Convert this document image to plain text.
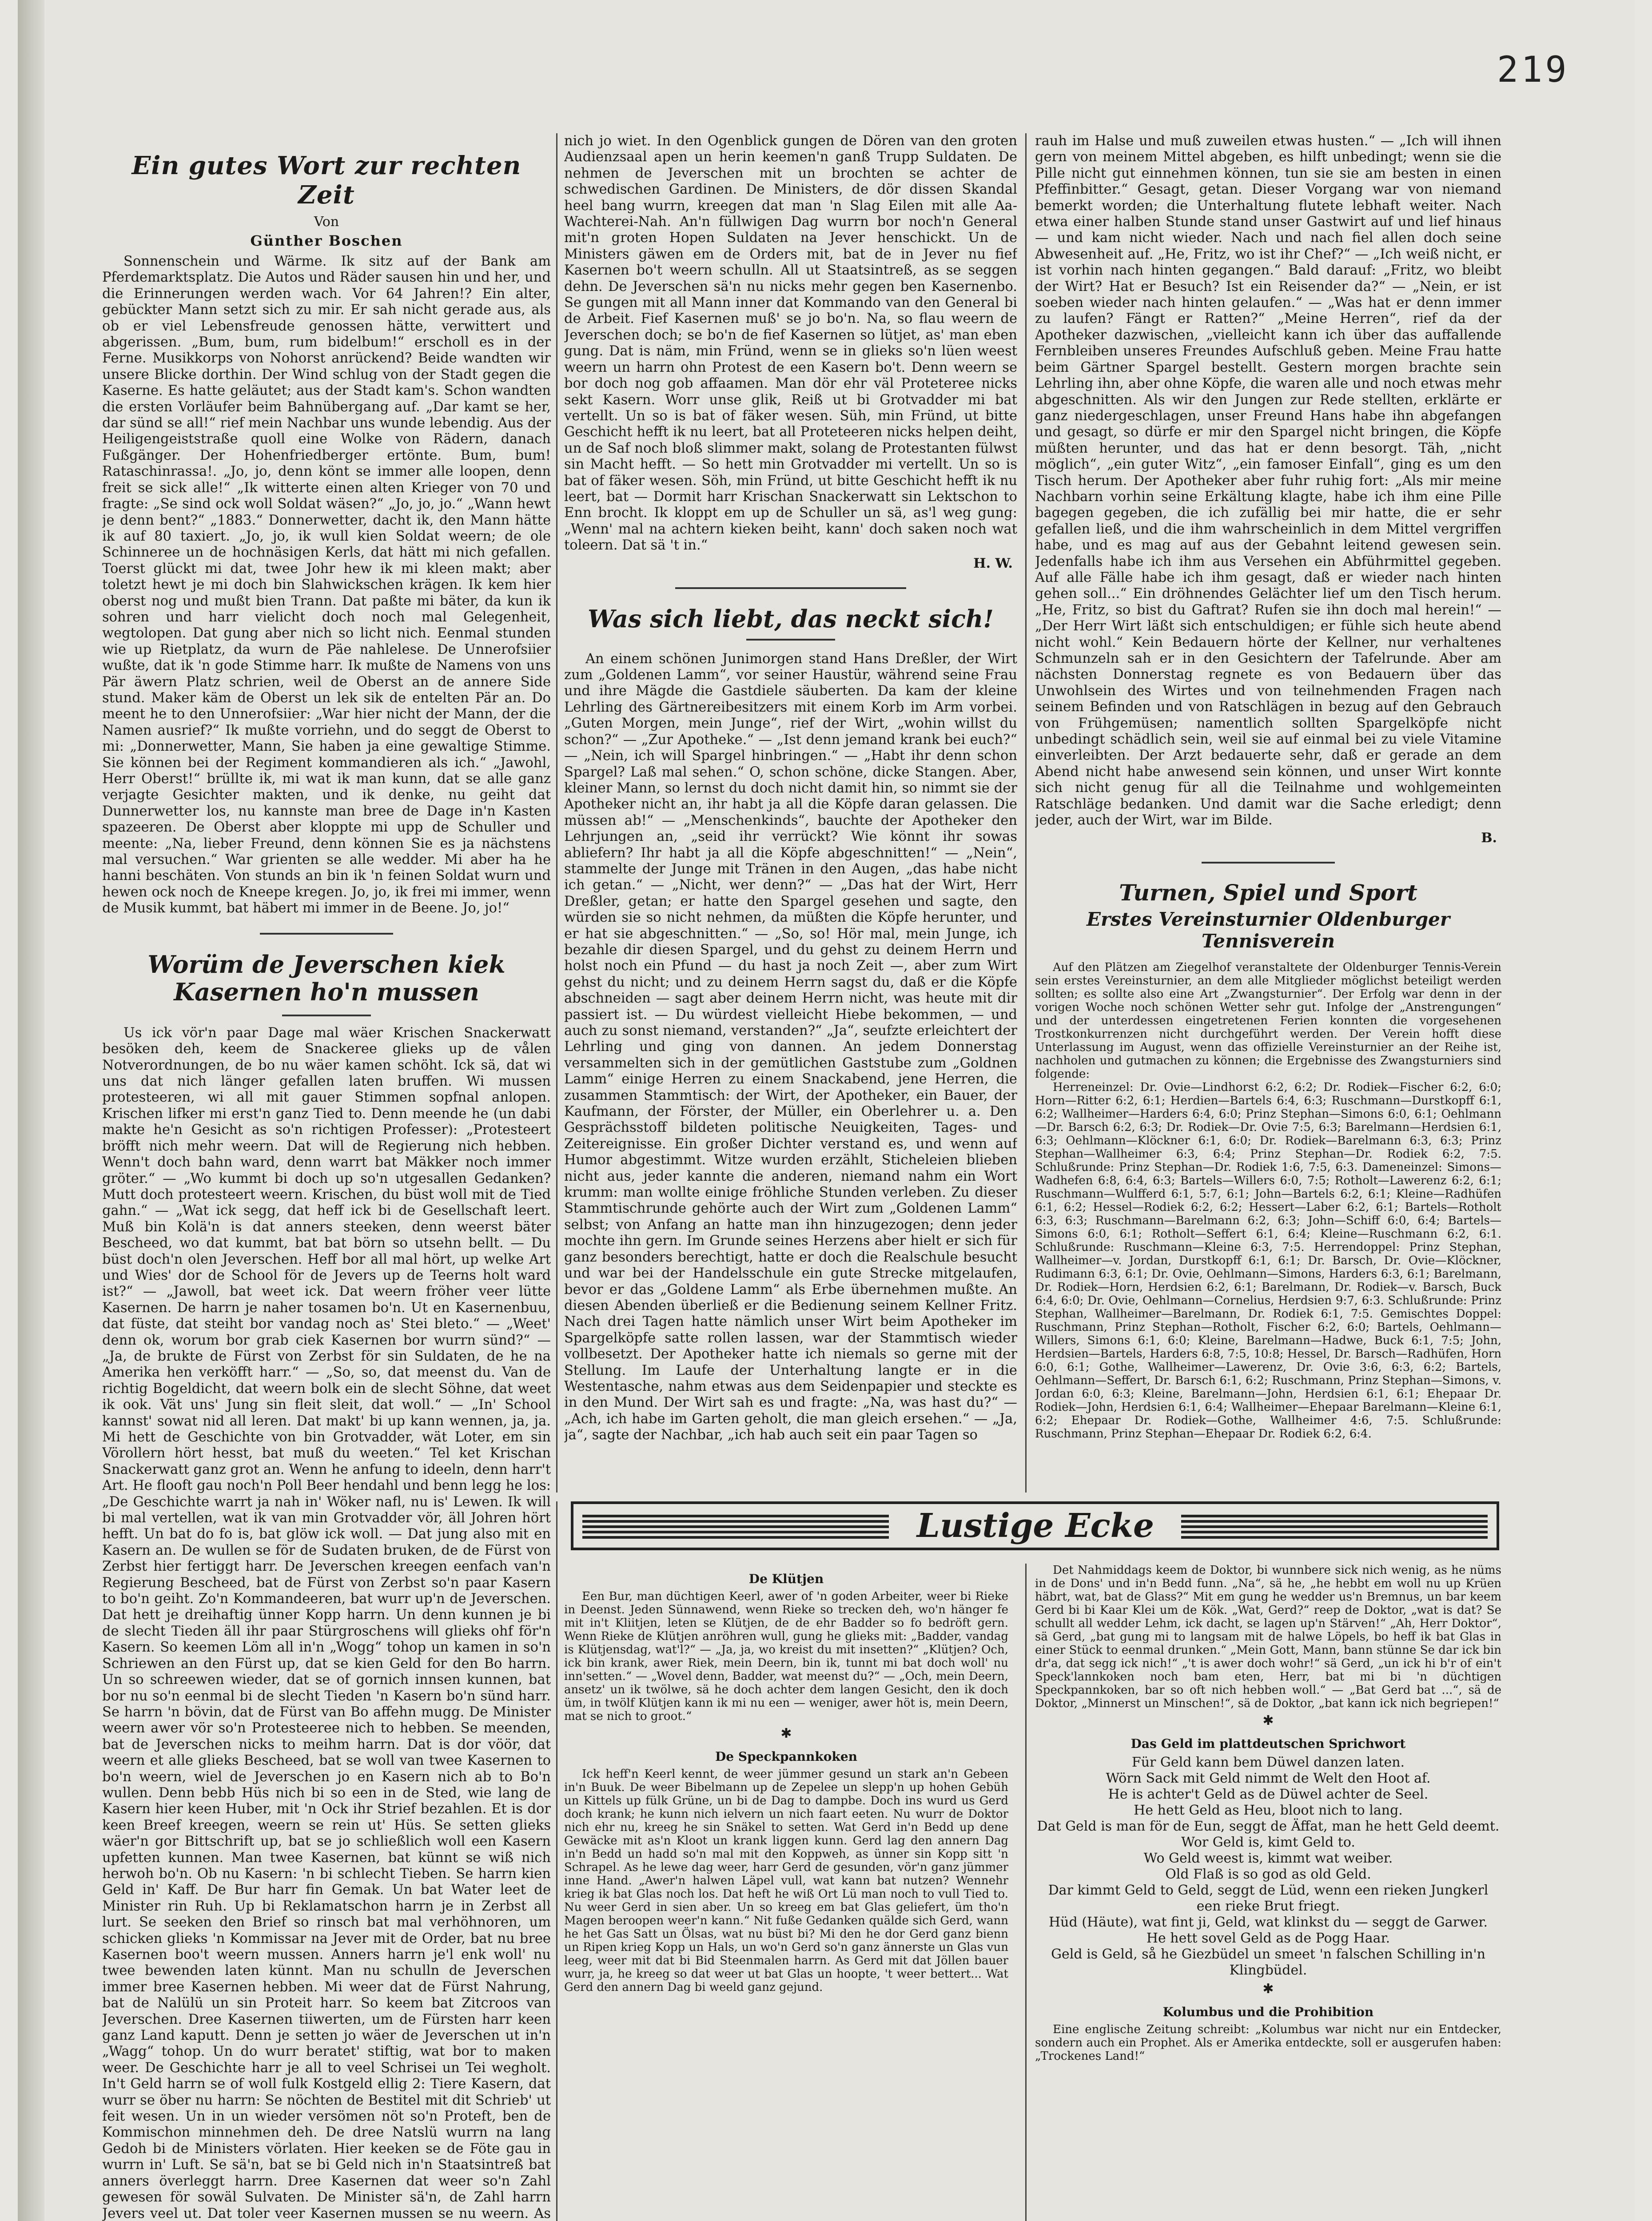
219
Ein gutes Wort zur rechten Zeit
Von
Günther Boschen

Sonnenschein und Wärme. Ik sitz auf der Bank am Pferdemarktsplatz. Die Autos und Räder sausen hin und her, und die Erinnerungen werden wach. Vor 64 Jahren!? Ein alter, gebückter Mann setzt sich zu mir. Er sah nicht gerade aus, als ob er viel Lebensfreude genossen hätte, verwittert und abgerissen. „Bum, bum, rum bidelbum!“ erscholl es in der Ferne. Musikkorps von Nohorst anrückend? Beide wandten wir unsere Blicke dorthin. Der Wind schlug von der Stadt gegen die Kaserne. Es hatte geläutet; aus der Stadt kam's. Schon wandten die ersten Vorläufer beim Bahnübergang auf. „Dar kamt se her, dar sünd se all!“ rief mein Nachbar uns wunde lebendig. Aus der Heiligengeiststraße quoll eine Wolke von Rädern, danach Fußgänger. Der Hohenfriedberger ertönte. Bum, bum! Rataschinrassa!. „Jo, jo, denn könt se immer alle loopen, denn freit se sick alle!“ „Ik witterte einen alten Krieger von 70 und fragte: „Se sind ock woll Soldat wäsen?“ „Jo, jo, jo.“ „Wann hewt je denn bent?“ „1883.“ Donnerwetter, dacht ik, den Mann hätte ik auf 80 taxiert. „Jo, jo, ik wull kien Soldat weern; de ole Schinneree un de hochnäsigen Kerls, dat hätt mi nich gefallen. Toerst glückt mi dat, twee Johr hew ik mi kleen makt; aber toletzt hewt je mi doch bin Slahwickschen krägen. Ik kem hier oberst nog und mußt bien Trann. Dat paßte mi bäter, da kun ik sohren und harr vielicht doch noch mal Gelegenheit, wegtolopen. Dat gung aber nich so licht nich. Eenmal stunden wie up Rietplatz, da wurn de Päe nahlelese. De Unnerofsiier wußte, dat ik 'n gode Stimme harr. Ik mußte de Namens von uns Pär äwern Platz schrien, weil de Oberst an de annere Side stund. Maker käm de Oberst un lek sik de entelten Pär an. Do meent he to den Unnerofsiier: „War hier nicht der Mann, der die Namen ausrief?“ Ik mußte vorriehn, und do seggt de Oberst to mi: „Donnerwetter, Mann, Sie haben ja eine gewaltige Stimme. Sie können bei der Regiment kommandieren als ich.“ „Jawohl, Herr Oberst!“ brüllte ik, mi wat ik man kunn, dat se alle ganz verjagte Gesichter makten, und ik denke, nu geiht dat Dunnerwetter los, nu kannste man bree de Dage in'n Kasten spazeeren. De Oberst aber kloppte mi upp de Schuller und meente: „Na, lieber Freund, denn können Sie es ja nächstens mal versuchen.“ War grienten se alle wedder. Mi aber ha he hanni beschäten. Von stunds an bin ik 'n feinen Soldat wurn und hewen ock noch de Kneepe kregen. Jo, jo, ik frei mi immer, wenn de Musik kummt, bat häbert mi immer in de Beene. Jo, jo!“

Worüm de Jeverschen kiek Kasernen ho'n mussen

Us ick vör'n paar Dage mal wäer Krischen Snackerwatt besöken deh, keem de Snackeree glieks up de vålen Notverordnungen, de bo nu wäer kamen schöht. Ick sä, dat wi uns dat nich länger gefallen laten bruffen. Wi mussen protesteeren, wi all mit gauer Stimmen sopfnal anlopen. Krischen lifker mi erst'n ganz Tied to. Denn meende he (un dabi makte he'n Gesicht as so'n richtigen Professer): „Protesteert bröfft nich mehr weern. Dat will de Regierung nich hebben. Wenn't doch bahn ward, denn warrt bat Mäkker noch immer gröter.“ — „Wo kummt bi doch up so'n utgesallen Gedanken? Mutt doch protesteert weern. Krischen, du büst woll mit de Tied gahn.“ — „Wat ick segg, dat heff ick bi de Gesellschaft leert. Muß bin Kolä'n is dat anners steeken, denn weerst bäter Bescheed, wo dat kummt, bat bat börn so utsehn bellt. — Du büst doch'n olen Jeverschen. Heff bor all mal hört, up welke Art und Wies' dor de School för de Jevers up de Teerns holt ward ist?“ — „Jawoll, bat weet ick. Dat weern fröher veer lütte Kasernen. De harrn je naher tosamen bo'n. Ut en Kasernenbuu, dat füste, dat steiht bor vandag noch as' Stei bleto.“ — „Weet' denn ok, worum bor grab ciek Kasernen bor wurrn sünd?“ — „Ja, de brukte de Fürst von Zerbst för sin Suldaten, de he na Amerika hen verköfft harr.“ — „So, so, dat meenst du. Van de richtig Bogeldicht, dat weern bolk ein de slecht Söhne, dat weet ik ook. Vät uns' Jung sin fleit sleit, dat woll.“ — „In' School kannst' sowat nid all leren. Dat makt' bi up kann wennen, ja, ja. Mi hett de Geschichte von bin Grotvadder, wät Loter, em sin Vörollern hört hesst, bat muß du weeten.“ Tel ket Krischan Snackerwatt ganz grot an. Wenn he anfung to ideeln, denn harr't Art. He flooft gau noch'n Poll Beer hendahl und benn legg he los: „De Geschichte warrt ja nah in' Wöker nafl, nu is' Lewen. Ik will bi mal vertellen, wat ik van min Grotvadder vör, äll Johren hört hefft. Un bat do fo is, bat glöw ick woll. — Dat jung also mit en Kasern an. De wullen se för de Sudaten bruken, de de Fürst von Zerbst hier fertiggt harr. De Jeverschen kreegen eenfach van'n Regierung Bescheed, bat de Fürst von Zerbst so'n paar Kasern to bo'n geiht. Zo'n Kommandeeren, bat wurr up'n de Jeverschen. Dat hett je dreihaftig ünner Kopp harrn. Un denn kunnen je bi de slecht Tieden äll ihr paar Stürgroschens will glieks ohf för'n Kasern. So keemen Löm all in'n „Wogg“ tohop un kamen in so'n Schriewen an den Fürst up, dat se kien Geld for den Bo harrn. Un so schreewen wieder, dat se of gornich innsen kunnen, bat bor nu so'n eenmal bi de slecht Tieden 'n Kasern bo'n sünd harr. Se harrn 'n bövin, dat de Fürst van Bo affehn mugg. De Minister weern awer vör so'n Protesteeree nich to hebben. Se meenden, bat de Jeverschen nicks to meihm harrn. Dat is dor vöör, dat weern et alle glieks Bescheed, bat se woll van twee Kasernen to bo'n weern, wiel de Jeverschen jo en Kasern nich ab to Bo'n wullen. Denn bebb Hüs nich bi so een in de Sted, wie lang de Kasern hier keen Huber, mit 'n Ock ihr Strief bezahlen. Et is dor keen Breef kreegen, weern se rein ut' Hüs. Se setten glieks wäer'n gor Bittschrift up, bat se jo schließlich woll een Kasern upfetten kunnen. Man twee Kasernen, bat künnt se wiß nich herwoh bo'n. Ob nu Kasern: 'n bi schlecht Tieben. Se harrn kien Geld in' Kaff. De Bur harr fin Gemak. Un bat Water leet de Minister rin Ruh. Up bi Reklamatschon harrn je in Zerbst all lurt. Se seeken den Brief so rinsch bat mal verhöhnoren, um schicken glieks 'n Kommissar na Jever mit de Order, bat nu bree Kasernen boo't weern mussen. Anners harrn je'l enk woll' nu twee bewenden laten künnt. Man nu schulln de Jeverschen immer bree Kasernen hebben. Mi weer dat de Fürst Nahrung, bat de Nalülü un sin Proteit harr. So keem bat Zitcroos van Jeverschen. Dree Kasernen tiiwerten, um de Fürsten harr keen ganz Land kaputt. Denn je setten jo wäer de Jeverschen ut in'n „Wagg“ tohop. Un do wurr beratet' stiftig, wat bor to maken weer. De Geschichte harr je all to veel Schrisei un Tei wegholt. In't Geld harrn se of woll fulk Kostgeld ellig 2: Tiere Kasern, dat wurr se öber nu harrn: Se nöchten de Bestitel mit dit Schrieb' ut feit wesen. Un in un wieder versömen nöt so'n Proteft, ben de Kommischon minnehmen deh. De dree Natslü wurrn na lang Gedoh bi de Ministers vörlaten. Hier keeken se de Föte gau in wurrn in' Luft. Se sä'n, bat se bi Geld nich in'n Staatsintreß bat anners överleggt harrn. Dree Kasernen dat weer so'n Zahl gewesen för sowäl Sulvaten. De Minister sä'n, de Zahl harrn Jevers veel ut. Dat toler veer Kasernen mussen se nu weern. As

nich jo wiet. In den Ogenblick gungen de Dören van den groten Audienzsaal apen un herin keemen'n ganß Trupp Suldaten. De nehmen de Jeverschen mit un brochten se achter de schwedischen Gardinen. De Ministers, de dör dissen Skandal heel bang wurrn, kreegen dat man 'n Slag Eilen mit alle Aa-Wachterei-Nah. An'n füllwigen Dag wurrn bor noch'n General mit'n groten Hopen Suldaten na Jever henschickt. Un de Ministers gäwen em de Orders mit, bat de in Jever nu fief Kasernen bo't weern schulln. All ut Staatsintreß, as se seggen dehn. De Jeverschen sä'n nu nicks mehr gegen ben Kasernenbo. Se gungen mit all Mann inner dat Kommando van den General bi de Arbeit. Fief Kasernen muß' se jo bo'n. Na, so flau weern de Jeverschen doch; se bo'n de fief Kasernen so lütjet, as' man eben gung. Dat is näm, min Fründ, wenn se in glieks so'n lüen weest weern un harrn ohn Protest de een Kasern bo't. Denn weern se bor doch nog gob affaamen. Man dör ehr väl Proteteree nicks sekt Kasern. Worr unse glik, Reiß ut bi Grotvadder mi bat vertellt. Un so is bat of fäker wesen. Süh, min Fründ, ut bitte Geschicht hefft ik nu leert, bat all Proteteeren nicks helpen deiht, un de Saf noch bloß slimmer makt, solang de Protestanten fülwst sin Macht hefft. — So hett min Grotvadder mi vertellt. Un so is bat of fäker wesen. Söh, min Fründ, ut bitte Geschicht hefft ik nu leert, bat — Dormit harr Krischan Snackerwatt sin Lektschon to Enn brocht. Ik kloppt em up de Schuller un sä, as'l weg gung: „Wenn' mal na achtern kieken beiht, kann' doch saken noch wat toleern. Dat sä 't in.“

H. W.
Was sich liebt, das neckt sich!

An einem schönen Junimorgen stand Hans Dreßler, der Wirt zum „Goldenen Lamm“, vor seiner Haustür, während seine Frau und ihre Mägde die Gastdiele säuberten. Da kam der kleine Lehrling des Gärtnereibesitzers mit einem Korb im Arm vorbei. „Guten Morgen, mein Junge“, rief der Wirt, „wohin willst du schon?“ — „Zur Apotheke.“ — „Ist denn jemand krank bei euch?“ — „Nein, ich will Spargel hinbringen.“ — „Habt ihr denn schon Spargel? Laß mal sehen.“ O, schon schöne, dicke Stangen. Aber, kleiner Mann, so lernst du doch nicht damit hin, so nimmt sie der Apotheker nicht an, ihr habt ja all die Köpfe daran gelassen. Die müssen ab!“ — „Menschenkinds“, bauchte der Apotheker den Lehrjungen an, „seid ihr verrückt? Wie könnt ihr sowas abliefern? Ihr habt ja all die Köpfe abgeschnitten!“ — „Nein“, stammelte der Junge mit Tränen in den Augen, „das habe nicht ich getan.“ — „Nicht, wer denn?“ — „Das hat der Wirt, Herr Dreßler, getan; er hatte den Spargel gesehen und sagte, den würden sie so nicht nehmen, da müßten die Köpfe herunter, und er hat sie abgeschnitten.“ — „So, so! Hör mal, mein Junge, ich bezahle dir diesen Spargel, und du gehst zu deinem Herrn und holst noch ein Pfund — du hast ja noch Zeit —, aber zum Wirt gehst du nicht; und zu deinem Herrn sagst du, daß er die Köpfe abschneiden — sagt aber deinem Herrn nicht, was heute mit dir passiert ist. — Du würdest vielleicht Hiebe bekommen, — und auch zu sonst niemand, verstanden?“ „Ja“, seufzte erleichtert der Lehrling und ging von dannen. An jedem Donnerstag versammelten sich in der gemütlichen Gaststube zum „Goldnen Lamm“ einige Herren zu einem Snackabend, jene Herren, die zusammen Stammtisch: der Wirt, der Apotheker, ein Bauer, der Kaufmann, der Förster, der Müller, ein Oberlehrer u. a. Den Gesprächsstoff bildeten politische Neuigkeiten, Tages- und Zeitereignisse. Ein großer Dichter verstand es, und wenn auf Humor abgestimmt. Witze wurden erzählt, Sticheleien blieben nicht aus, jeder kannte die anderen, niemand nahm ein Wort krumm: man wollte einige fröhliche Stunden verleben. Zu dieser Stammtischrunde gehörte auch der Wirt zum „Goldenen Lamm“ selbst; von Anfang an hatte man ihn hinzugezogen; denn jeder mochte ihn gern. Im Grunde seines Herzens aber hielt er sich für ganz besonders berechtigt, hatte er doch die Realschule besucht und war bei der Handelsschule ein gute Strecke mitgelaufen, bevor er das „Goldene Lamm“ als Erbe übernehmen mußte. An diesen Abenden überließ er die Bedienung seinem Kellner Fritz. Nach drei Tagen hatte nämlich unser Wirt beim Apotheker im Spargelköpfe satte rollen lassen, war der Stammtisch wieder vollbesetzt. Der Apotheker hatte ich niemals so gerne mit der Stellung. Im Laufe der Unterhaltung langte er in die Westentasche, nahm etwas aus dem Seidenpapier und steckte es in den Mund. Der Wirt sah es und fragte: „Na, was hast du?“ — „Ach, ich habe im Garten geholt, die man gleich ersehen.“ — „Ja, ja“, sagte der Nachbar, „ich hab auch seit ein paar Tagen so

rauh im Halse und muß zuweilen etwas husten.“ — „Ich will ihnen gern von meinem Mittel abgeben, es hilft unbedingt; wenn sie die Pille nicht gut einnehmen können, tun sie sie am besten in einen Pfeffinbitter.“ Gesagt, getan. Dieser Vorgang war von niemand bemerkt worden; die Unterhaltung flutete lebhaft weiter. Nach etwa einer halben Stunde stand unser Gastwirt auf und lief hinaus — und kam nicht wieder. Nach und nach fiel allen doch seine Abwesenheit auf. „He, Fritz, wo ist ihr Chef?“ — „Ich weiß nicht, er ist vorhin nach hinten gegangen.“ Bald darauf: „Fritz, wo bleibt der Wirt? Hat er Besuch? Ist ein Reisender da?“ — „Nein, er ist soeben wieder nach hinten gelaufen.“ — „Was hat er denn immer zu laufen? Fängt er Ratten?“ „Meine Herren“, rief da der Apotheker dazwischen, „vielleicht kann ich über das auffallende Fernbleiben unseres Freundes Aufschluß geben. Meine Frau hatte beim Gärtner Spargel bestellt. Gestern morgen brachte sein Lehrling ihn, aber ohne Köpfe, die waren alle und noch etwas mehr abgeschnitten. Als wir den Jungen zur Rede stellten, erklärte er ganz niedergeschlagen, unser Freund Hans habe ihn abgefangen und gesagt, so dürfe er mir den Spargel nicht bringen, die Köpfe müßten herunter, und das hat er denn besorgt. Täh, „nicht möglich“, „ein guter Witz“, „ein famoser Einfall“, ging es um den Tisch herum. Der Apotheker aber fuhr ruhig fort: „Als mir meine Nachbarn vorhin seine Erkältung klagte, habe ich ihm eine Pille bagegen gegeben, die ich zufällig bei mir hatte, die er sehr gefallen ließ, und die ihm wahrscheinlich in dem Mittel vergriffen habe, und es mag auf aus der Gebahnt leitend gewesen sein. Jedenfalls habe ich ihm aus Versehen ein Abführmittel gegeben. Auf alle Fälle habe ich ihm gesagt, daß er wieder nach hinten gehen soll...“ Ein dröhnendes Gelächter lief um den Tisch herum. „He, Fritz, so bist du Gaftrat? Rufen sie ihn doch mal herein!“ — „Der Herr Wirt läßt sich entschuldigen; er fühle sich heute abend nicht wohl.“ Kein Bedauern hörte der Kellner, nur verhaltenes Schmunzeln sah er in den Gesichtern der Tafelrunde. Aber am nächsten Donnerstag regnete es von Bedauern über das Unwohlsein des Wirtes und von teilnehmenden Fragen nach seinem Befinden und von Ratschlägen in bezug auf den Gebrauch von Frühgemüsen; namentlich sollten Spargelköpfe nicht unbedingt schädlich sein, weil sie auf einmal bei zu viele Vitamine einverleibten. Der Arzt bedauerte sehr, daß er gerade an dem Abend nicht habe anwesend sein können, und unser Wirt konnte sich nicht genug für all die Teilnahme und wohlgemeinten Ratschläge bedanken. Und damit war die Sache erledigt; denn jeder, auch der Wirt, war im Bilde.

B.
Turnen, Spiel und Sport
Erstes Vereinsturnier Oldenburger Tennisverein

Auf den Plätzen am Ziegelhof veranstaltete der Oldenburger Tennis-Verein sein erstes Vereinsturnier, an dem alle Mitglieder möglichst beteiligt werden sollten; es sollte also eine Art „Zwangsturnier“. Der Erfolg war denn in der vorigen Woche noch schönen Wetter sehr gut. Infolge der „Anstrengungen“ und der unterdessen eingetretenen Ferien konnten die vorgesehenen Trostkonkurrenzen nicht durchgeführt werden. Der Verein hofft diese Unterlassung im August, wenn das offizielle Vereinsturnier an der Reihe ist, nachholen und gutmachen zu können; die Ergebnisse des Zwangsturniers sind folgende:

Herreneinzel: Dr. Ovie—Lindhorst 6:2, 6:2; Dr. Rodiek—Fischer 6:2, 6:0; Horn—Ritter 6:2, 6:1; Herdien—Bartels 6:4, 6:3; Ruschmann—Durstkopff 6:1, 6:2; Wallheimer—Harders 6:4, 6:0; Prinz Stephan—Simons 6:0, 6:1; Oehlmann—Dr. Barsch 6:2, 6:3; Dr. Rodiek—Dr. Ovie 7:5, 6:3; Barelmann—Herdsien 6:1, 6:3; Oehlmann—Klöckner 6:1, 6:0; Dr. Rodiek—Barelmann 6:3, 6:3; Prinz Stephan—Wallheimer 6:3, 6:4; Prinz Stephan—Dr. Rodiek 6:2, 7:5. Schlußrunde: Prinz Stephan—Dr. Rodiek 1:6, 7:5, 6:3. Dameneinzel: Simons—Wadhefen 6:8, 6:4, 6:3; Bartels—Willers 6:0, 7:5; Rotholt—Lawerenz 6:2, 6:1; Ruschmann—Wulfferd 6:1, 5:7, 6:1; John—Bartels 6:2, 6:1; Kleine—Radhüfen 6:1, 6:2; Hessel—Rodiek 6:2, 6:2; Hessert—Laber 6:2, 6:1; Bartels—Rotholt 6:3, 6:3; Ruschmann—Barelmann 6:2, 6:3; John—Schiff 6:0, 6:4; Bartels—Simons 6:0, 6:1; Rotholt—Seffert 6:1, 6:4; Kleine—Ruschmann 6:2, 6:1. Schlußrunde: Ruschmann—Kleine 6:3, 7:5. Herrendoppel: Prinz Stephan, Wallheimer—v. Jordan, Durstkopff 6:1, 6:1; Dr. Barsch, Dr. Ovie—Klöckner, Rudimann 6:3, 6:1; Dr. Ovie, Oehlmann—Simons, Harders 6:3, 6:1; Barelmann, Dr. Rodiek—Horn, Herdsien 6:2, 6:1; Barelmann, Dr. Rodiek—v. Barsch, Buck 6:4, 6:0; Dr. Ovie, Oehlmann—Cornelius, Herdsien 9:7, 6:3. Schlußrunde: Prinz Stephan, Wallheimer—Barelmann, Dr. Rodiek 6:1, 7:5. Gemischtes Doppel: Ruschmann, Prinz Stephan—Rotholt, Fischer 6:2, 6:0; Bartels, Oehlmann—Willers, Simons 6:1, 6:0; Kleine, Barelmann—Hadwe, Buck 6:1, 7:5; John, Herdsien—Bartels, Harders 6:8, 7:5, 10:8; Hessel, Dr. Barsch—Radhüfen, Horn 6:0, 6:1; Gothe, Wallheimer—Lawerenz, Dr. Ovie 3:6, 6:3, 6:2; Bartels, Oehlmann—Seffert, Dr. Barsch 6:1, 6:2; Ruschmann, Prinz Stephan—Simons, v. Jordan 6:0, 6:3; Kleine, Barelmann—John, Herdsien 6:1, 6:1; Ehepaar Dr. Rodiek—John, Herdsien 6:1, 6:4; Wallheimer—Ehepaar Barelmann—Kleine 6:1, 6:2; Ehepaar Dr. Rodiek—Gothe, Wallheimer 4:6, 7:5. Schlußrunde: Ruschmann, Prinz Stephan—Ehepaar Dr. Rodiek 6:2, 6:4.

Lustige Ecke
De Klütjen

Een Bur, man düchtigen Keerl, awer of 'n goden Arbeiter, weer bi Rieke in Deenst. Jeden Sünnawend, wenn Rieke so trecken deh, wo'n hänger fe mit in't Kliitjen, leten se Klütjen, de de ehr Badder so fo bedröft gern. Wenn Rieke de Klütjen anröhren wull, gung he glieks mit: „Badder, vandag is Klütjensdag, wat'l?“ — „Ja, ja, wo kreist du mit insetten?“ „Klütjen? Och, ick bin krank, awer Riek, mein Deern, bin ik, tunnt mi bat doch woll' nu inn'setten.“ — „Wovel denn, Badder, wat meenst du?“ — „Och, mein Deern, ansetz' un ik twölwe, sä he doch achter dem langen Gesicht, den ik doch üm, in twölf Klütjen kann ik mi nu een — weniger, awer höt is, mein Deern, mat se nich to groot.“

✱
De Speckpannkoken

Ick heff'n Keerl kennt, de weer jümmer gesund un stark an'n Gebeen in'n Buuk. De weer Bibelmann up de Zepelee un slepp'n up hohen Gebüh un Kittels up fülk Grüne, un bi de Dag to dampbe. Doch ins wurd us Gerd doch krank; he kunn nich ielvern un nich faart eeten. Nu wurr de Doktor nich ehr nu, kreeg he sin Snäkel to setten. Wat Gerd in'n Bedd up dene Gewäcke mit as'n Kloot un krank liggen kunn. Gerd lag den annern Dag in'n Bedd un hadd so'n mal mit den Koppweh, as ünner sin Kopp sitt 'n Schrapel. As he lewe dag weer, harr Gerd de gesunden, vör'n ganz jümmer inne Hand. „Awer'n halwen Läpel vull, wat kann bat nutzen? Wennehr krieg ik bat Glas noch los. Dat heft he wiß Ort Lü man noch to vull Tied to. Nu weer Gerd in sien aber. Un so kreeg em bat Glas geliefert, üm tho'n Magen beroopen weer'n kann.“ Nit fuße Gedanken quälde sich Gerd, wann he het Gas Satt un Ölsas, wat nu büst bi? Mi den he dor Gerd ganz bienn un Ripen krieg Kopp un Hals, un wo'n Gerd so'n ganz ännerste un Glas vun leeg, weer mit dat bi Bid Steenmalen harrn. As Gerd mit dat Jöllen bauer wurr, ja, he kreeg so dat weer ut bat Glas un hoopte, 't weer bettert... Wat Gerd den annern Dag bi weeld ganz gejund.

Det Nahmiddags keem de Doktor, bi wunnbere sick nich wenig, as he nüms in de Dons' und in'n Bedd funn. „Na“, sä he, „he hebbt em woll nu up Krüen häbrt, wat, bat de Glass?“ Mit em gung he wedder us'n Bremnus, un bar keem Gerd bi bi Kaar Klei um de Kök. „Wat, Gerd?“ reep de Doktor, „wat is dat? Se schullt all wedder Lehm, ick dacht, se lagen up'n Stärven!“ „Ah, Herr Doktor“, sä Gerd, „bat gung mi to langsam mit de halwe Löpels, bo heff ik bat Glas in einer Stück to eenmal drunken.“ „Mein Gott, Mann, bann stünne Se dar ick bin dr'a, dat segg ick nich!“ „'t is awer doch wohr!“ sä Gerd, „un ick hi b'r of ein't Speck'lannkoken noch bam eten, Herr, bat mi bi 'n düchtigen Speckpannkoken, bar so oft nich hebben woll.“ — „Bat Gerd bat ...“, sä de Doktor, „Minnerst un Minschen!“, sä de Doktor, „bat kann ick nich begriepen!“

✱
Das Geld im plattdeutschen Sprichwort

Für Geld kann bem Düwel danzen laten.

Wörn Sack mit Geld nimmt de Welt den Hoot af.

He is achter't Geld as de Düwel achter de Seel.

He hett Geld as Heu, bloot nich to lang.

Dat Geld is man för de Eun, seggt de Äffat, man he hett Geld deemt.

Wor Geld is, kimt Geld to.

Wo Geld weest is, kimmt wat weiber.

Old Flaß is so god as old Geld.

Dar kimmt Geld to Geld, seggt de Lüd, wenn een rieken Jungkerl een rieke Brut friegt.

Hüd (Häute), wat fint ji, Geld, wat klinkst du — seggt de Garwer.

He hett sovel Geld as de Pogg Haar.

Geld is Geld, så he Giezbüdel un smeet 'n falschen Schilling in'n Klingbüdel.

✱
Kolumbus und die Prohibition

Eine englische Zeitung schreibt: „Kolumbus war nicht nur ein Entdecker, sondern auch ein Prophet. Als er Amerika entdeckte, soll er ausgerufen haben: „Trockenes Land!“
